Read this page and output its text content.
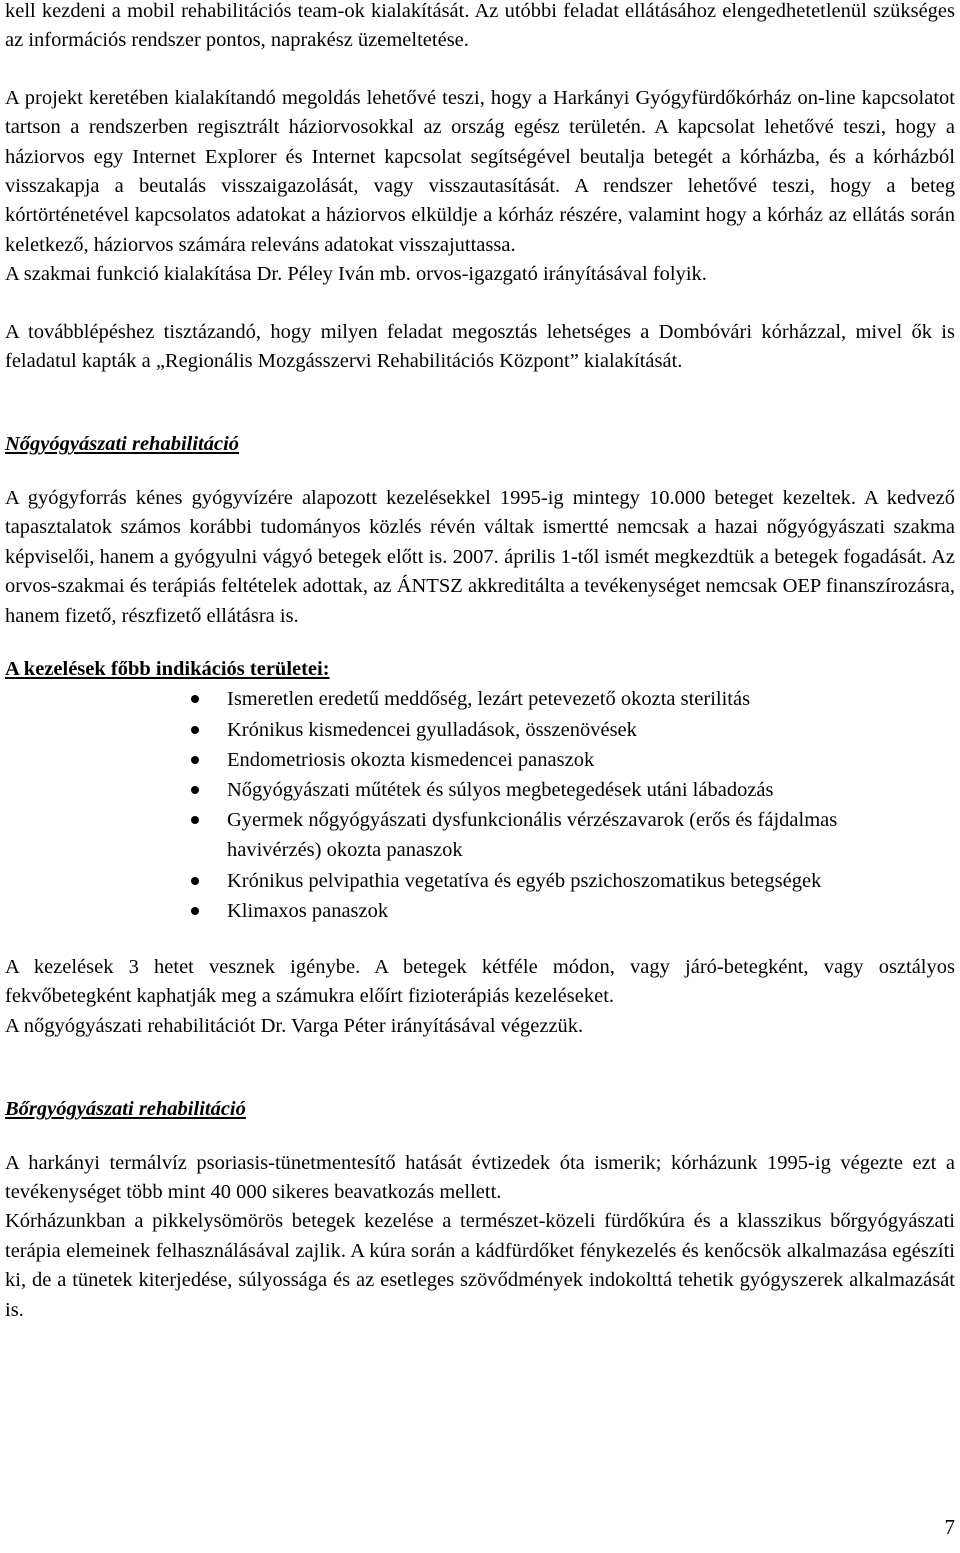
kell kezdeni a mobil rehabilitációs team-ok kialakítását. Az utóbbi feladat ellátásához elengedhetetlenül szükséges az információs rendszer pontos, naprakész üzemeltetése.

A projekt keretében kialakítandó megoldás lehetővé teszi, hogy a Harkányi Gyógyfürdőkórház on-line kapcsolatot tartson a rendszerben regisztrált háziorvosokkal az ország egész területén. A kapcsolat lehetővé teszi, hogy a háziorvos egy Internet Explorer és Internet kapcsolat segítségével beutalja betegét a kórházba, és a kórházból visszakapja a beutalás visszaigazolását, vagy visszautasítását. A rendszer lehetővé teszi, hogy a beteg kórtörténetével kapcsolatos adatokat a háziorvos elküldje a kórház részére, valamint hogy a kórház az ellátás során keletkező, háziorvos számára releváns adatokat visszajuttassa.

A szakmai funkció kialakítása Dr. Péley Iván mb. orvos-igazgató irányításával folyik.

A továbblépéshez tisztázandó, hogy milyen feladat megosztás lehetséges a Dombóvári kórházzal, mivel ők is feladatul kapták a „Regionális Mozgásszervi Rehabilitációs Központ” kialakítását.

Nőgyógyászati rehabilitáció

A gyógyforrás kénes gyógyvízére alapozott kezelésekkel 1995-ig mintegy 10.000 beteget kezeltek. A kedvező tapasztalatok számos korábbi tudományos közlés révén váltak ismertté nemcsak a hazai nőgyógyászati szakma képviselői, hanem a gyógyulni vágyó betegek előtt is. 2007. április 1-től ismét megkezdtük a betegek fogadását. Az orvos-szakmai és terápiás feltételek adottak, az ÁNTSZ akkreditálta a tevékenységet nemcsak OEP finanszírozásra, hanem fizető, részfizető ellátásra is.

A kezelések főbb indikációs területei:

Ismeretlen eredetű meddőség, lezárt petevezető okozta sterilitás
Krónikus kismedencei gyulladások, összenövések
Endometriosis okozta kismedencei panaszok
Nőgyógyászati műtétek és súlyos megbetegedések utáni lábadozás
Gyermek nőgyógyászati dysfunkcionális vérzészavarok (erős és fájdalmas havivérzés) okozta panaszok
Krónikus pelvipathia vegetatíva és egyéb pszichoszomatikus betegségek
Klimaxos panaszok

A kezelések 3 hetet vesznek igénybe. A betegek kétféle módon, vagy járó-betegként, vagy osztályos fekvőbetegként kaphatják meg a számukra előírt fizioterápiás kezeléseket.

A nőgyógyászati rehabilitációt Dr. Varga Péter irányításával végezzük.

Bőrgyógyászati rehabilitáció

A harkányi termálvíz psoriasis-tünetmentesítő hatását évtizedek óta ismerik; kórházunk 1995-ig végezte ezt a tevékenységet több mint 40 000 sikeres beavatkozás mellett.

Kórházunkban a pikkelysömörös betegek kezelése a természet-közeli fürdőkúra és a klasszikus bőrgyógyászati terápia elemeinek felhasználásával zajlik. A kúra során a kádfürdőket fénykezelés és kenőcsök alkalmazása egészíti ki, de a tünetek kiterjedése, súlyossága és az esetleges szövődmények indokolttá tehetik gyógyszerek alkalmazását is.

7
